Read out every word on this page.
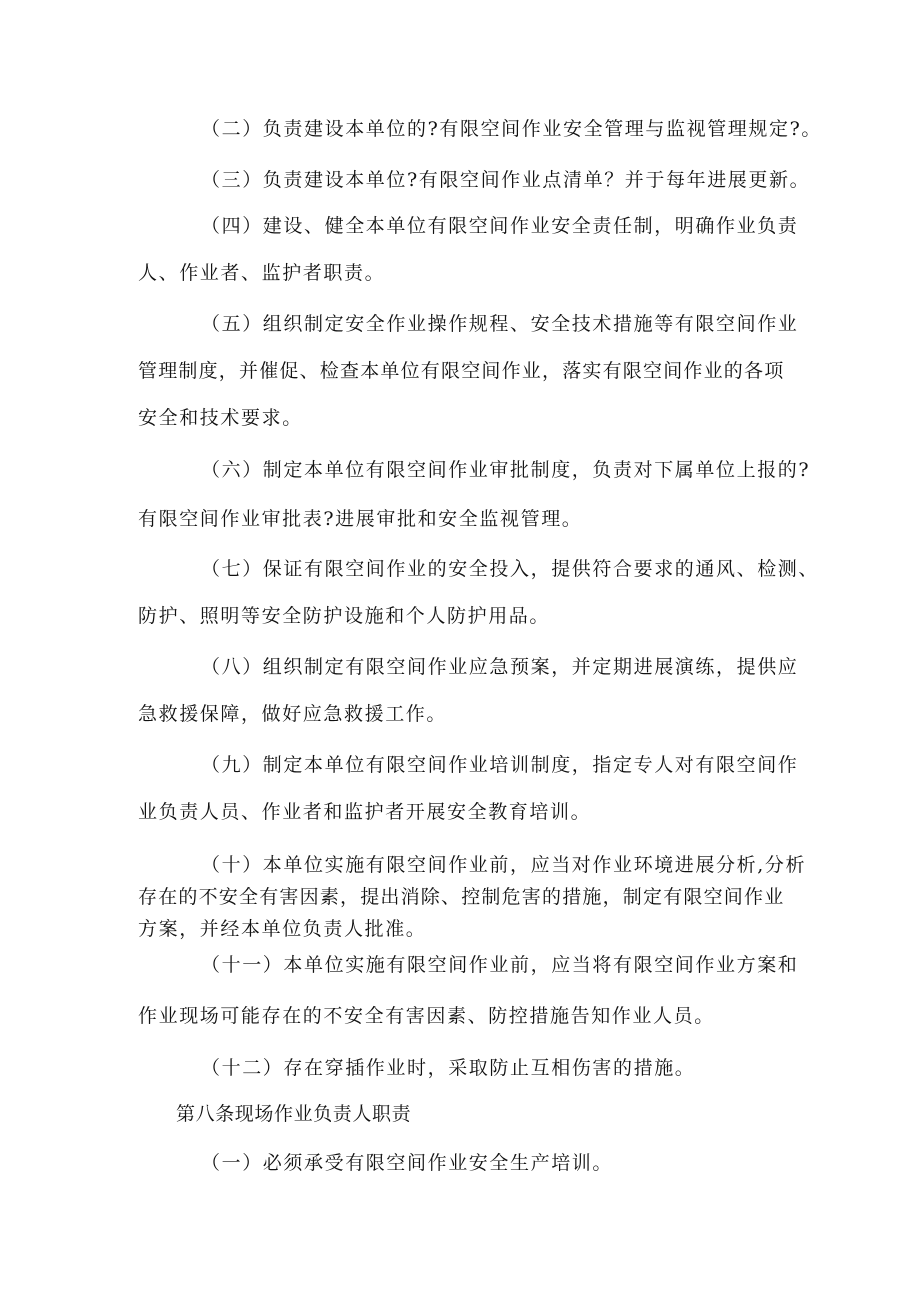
（二）负责建设本单位的?有限空间作业安全管理与监视管理规定?。
（三）负责建设本单位?有限空间作业点清单？并于每年进展更新。
（四）建设、健全本单位有限空间作业安全责任制，明确作业负责
人、作业者、监护者职责。
（五）组织制定安全作业操作规程、安全技术措施等有限空间作业
管理制度，并催促、检查本单位有限空间作业，落实有限空间作业的各项
安全和技术要求。
（六）制定本单位有限空间作业审批制度，负责对下属单位上报的?
有限空间作业审批表?进展审批和安全监视管理。
（七）保证有限空间作业的安全投入，提供符合要求的通风、检测、
防护、照明等安全防护设施和个人防护用品。
（八）组织制定有限空间作业应急预案，并定期进展演练，提供应
急救援保障，做好应急救援工作。
（九）制定本单位有限空间作业培训制度，指定专人对有限空间作
业负责人员、作业者和监护者开展安全教育培训。
（十）本单位实施有限空间作业前，应当对作业环境进展分析,分析
存在的不安全有害因素，提出消除、控制危害的措施，制定有限空间作业
方案，并经本单位负责人批准。
（十一）本单位实施有限空间作业前，应当将有限空间作业方案和
作业现场可能存在的不安全有害因素、防控措施告知作业人员。
（十二）存在穿插作业时，采取防止互相伤害的措施。
第八条现场作业负责人职责
（一）必须承受有限空间作业安全生产培训。
